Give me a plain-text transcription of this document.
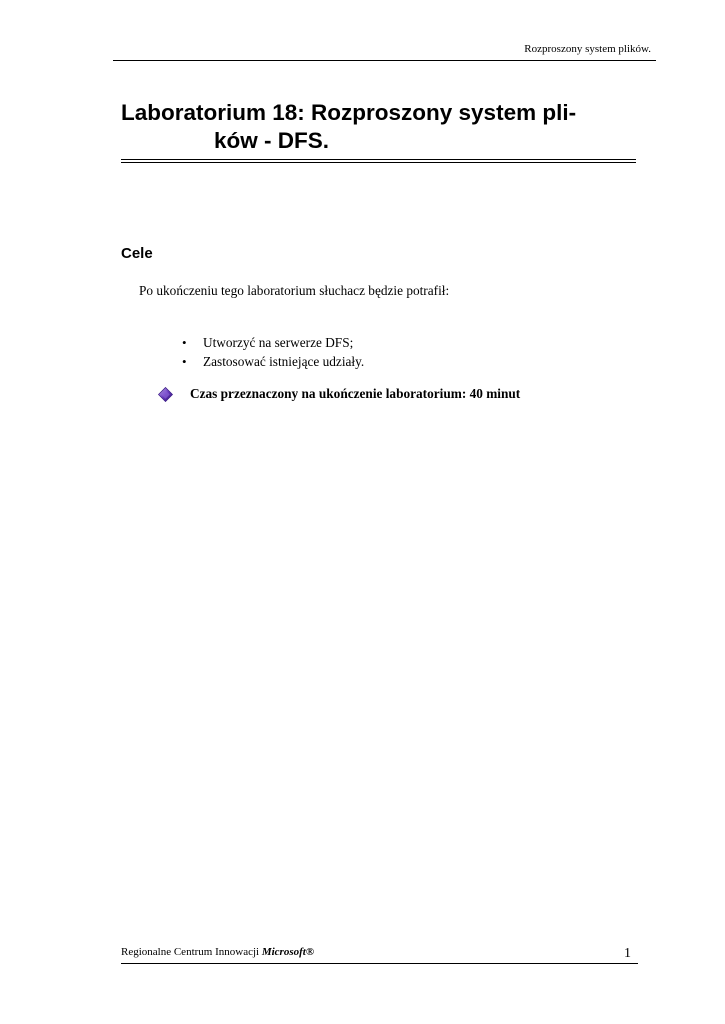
Rozproszony system plików.
Laboratorium 18: Rozproszony system pli-
ków - DFS.
Cele

Po ukończeniu tego laboratorium słuchacz będzie potrafił:

• Utworzyć na serwerze DFS;
• Zastosować istniejące udziały.
Czas przeznaczony na ukończenie laboratorium: 40 minut
Regionalne Centrum Innowacji Microsoft®	1
